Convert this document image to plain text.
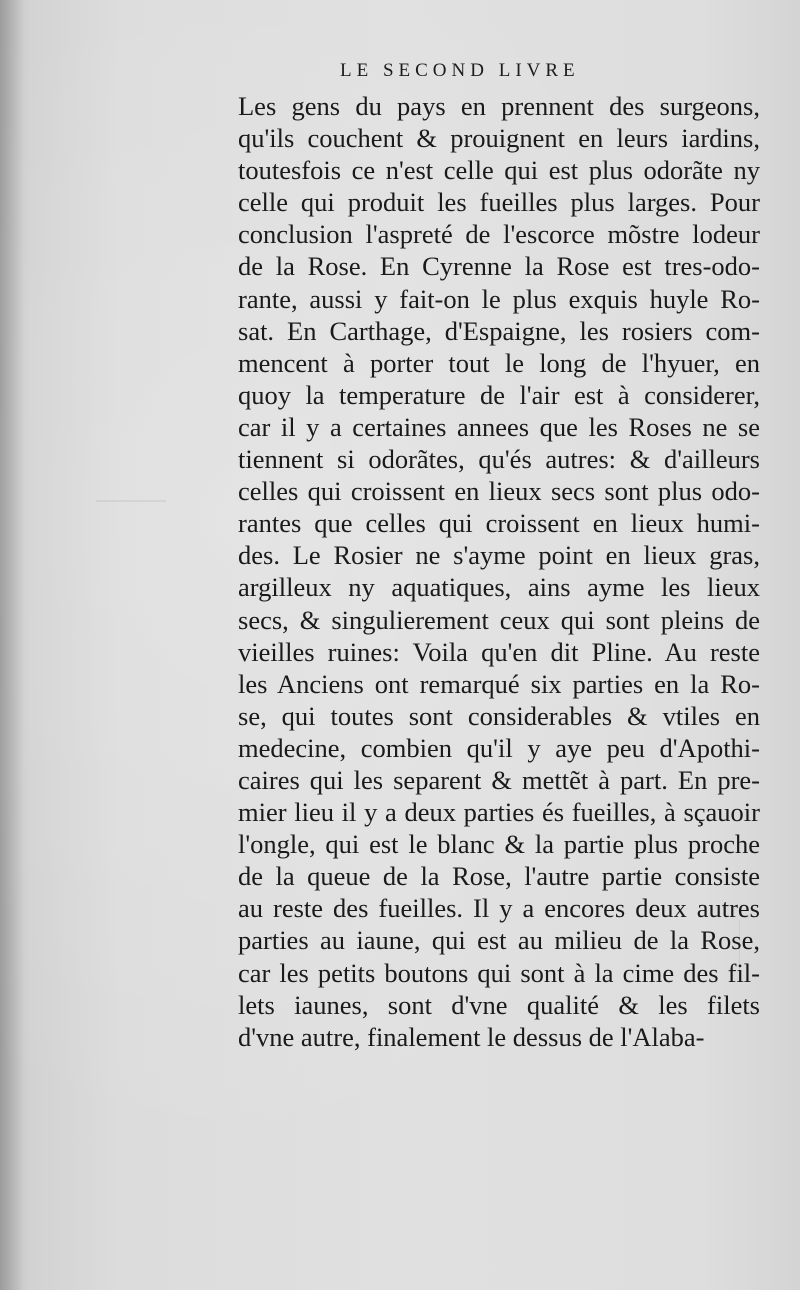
LE SECOND LIVRE
Les gens du pays en prennent des surgeons,
qu'ils couchent & prouignent en leurs iardins,
toutesfois ce n'est celle qui est plus odorãte ny
celle qui produit les fueilles plus larges. Pour
conclusion l'aspreté de l'escorce mõstre lodeur
de la Rose. En Cyrenne la Rose est tres-odo-
rante, aussi y fait-on le plus exquis huyle Ro-
sat. En Carthage, d'Espaigne, les rosiers com-
mencent à porter tout le long de l'hyuer, en
quoy la temperature de l'air est à considerer,
car il y a certaines annees que les Roses ne se
tiennent si odorãtes, qu'és autres: & d'ailleurs
celles qui croissent en lieux secs sont plus odo-
rantes que celles qui croissent en lieux humi-
des. Le Rosier ne s'ayme point en lieux gras,
argilleux ny aquatiques, ains ayme les lieux
secs, & singulierement ceux qui sont pleins de
vieilles ruines: Voila qu'en dit Pline. Au reste
les Anciens ont remarqué six parties en la Ro-
se, qui toutes sont considerables & vtiles en
medecine, combien qu'il y aye peu d'Apothi-
caires qui les separent & mettẽt à part. En pre-
mier lieu il y a deux parties és fueilles, à sçauoir
l'ongle, qui est le blanc & la partie plus proche
de la queue de la Rose, l'autre partie consiste
au reste des fueilles. Il y a encores deux autres
parties au iaune, qui est au milieu de la Rose,
car les petits boutons qui sont à la cime des fil-
lets iaunes, sont d'vne qualité & les filets
d'vne autre, finalement le dessus de l'Alaba-
